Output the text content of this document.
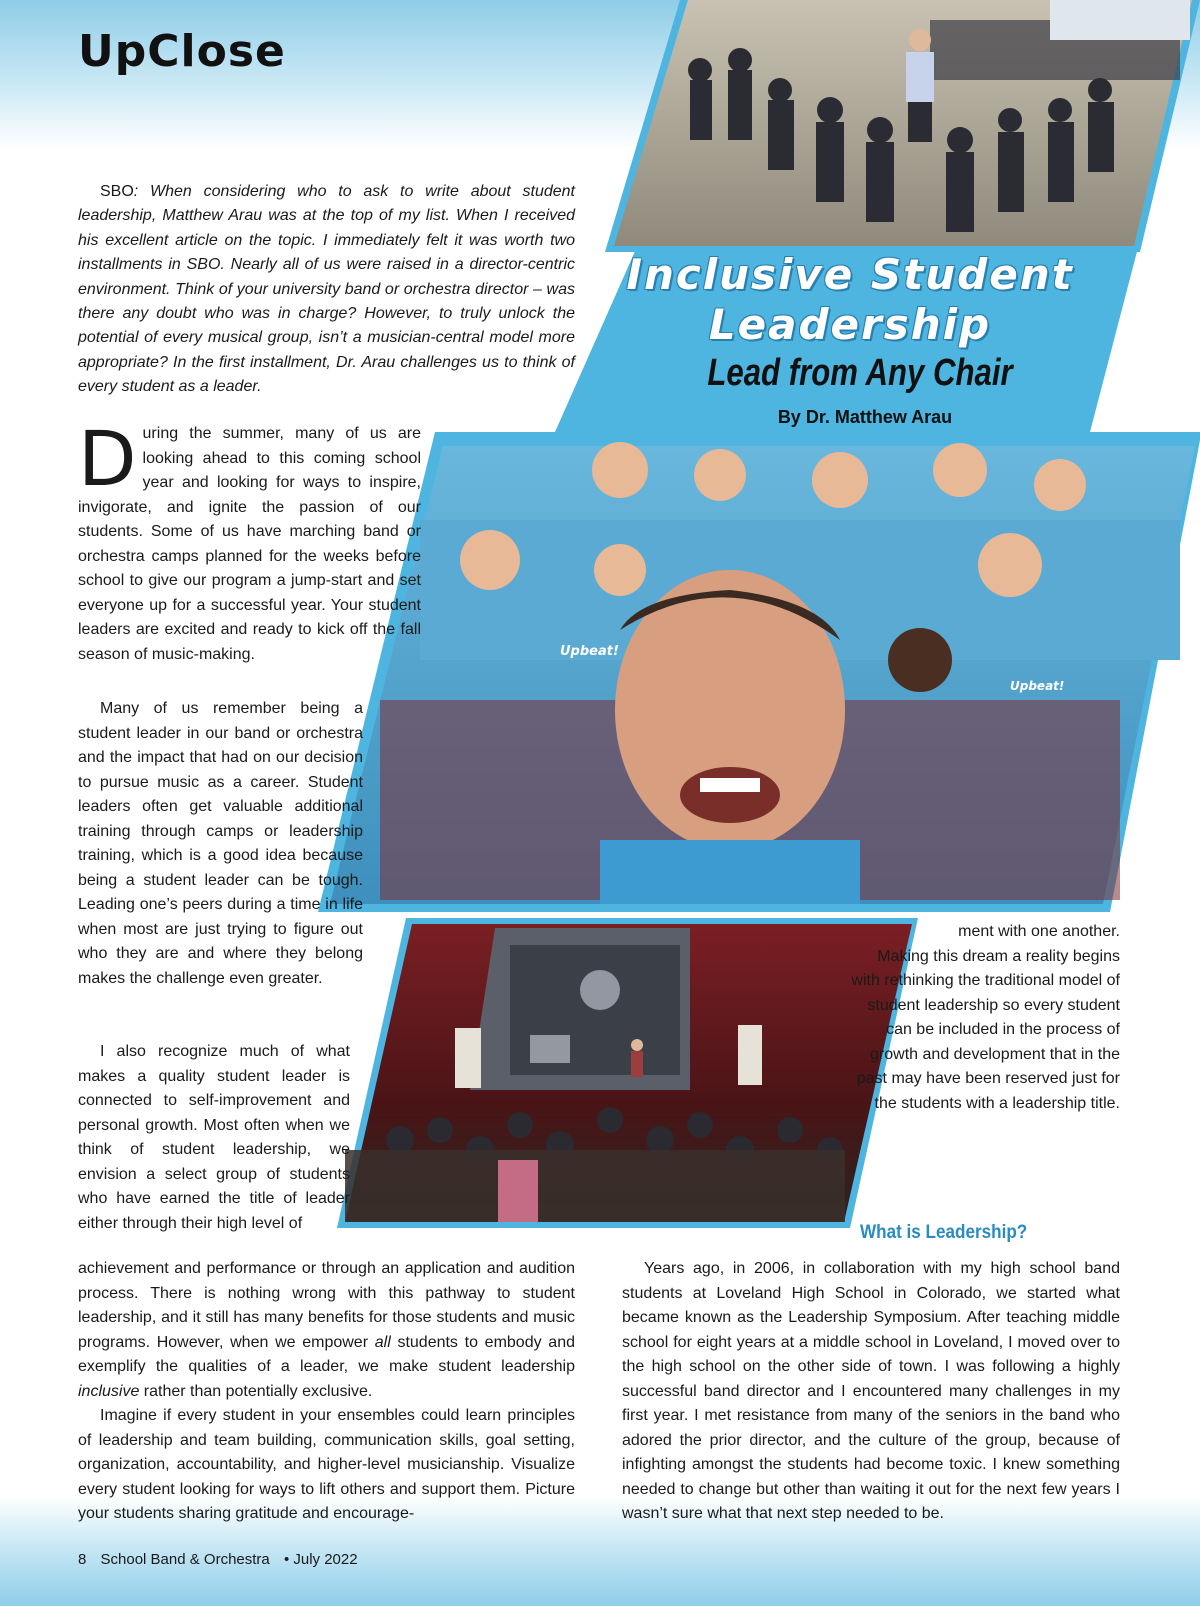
UpClose
Upbeat!
Upbeat!
Inclusive Student
Leadership

Lead from Any Chair

By Dr. Matthew Arau

SBO: When considering who to ask to write about student leadership, Matthew Arau was at the top of my list. When I received his excellent article on the topic. I immediately felt it was worth two installments in SBO. Nearly all of us were raised in a director-centric environment. Think of your university band or orchestra director – was there any doubt who was in charge? However, to truly unlock the potential of every musical group, isn’t a musician-central model more appropriate? In the first installment, Dr. Arau challenges us to think of every student as a leader.

During the summer, many of us are looking ahead to this coming school year and looking for ways to inspire, invigorate, and ignite the passion of our students. Some of us have marching band or orchestra camps planned for the weeks before school to give our program a jump-start and set everyone up for a successful year. Your student leaders are excited and ready to kick off the fall season of music-making.

Many of us remember being a student leader in our band or orchestra and the impact that had on our decision to pursue music as a career. Student leaders often get valuable additional training through camps or leadership training, which is a good idea because being a student leader can be tough. Leading one’s peers during a time in life when most are just trying to figure out who they are and where they belong makes the challenge even greater.

I also recognize much of what makes a quality student leader is connected to self-improvement and personal growth. Most often when we think of student leadership, we envision a select group of students who have earned the title of leader either through their high level of

achievement and performance or through an application and audition process. There is nothing wrong with this pathway to student leadership, and it still has many benefits for those students and music programs. However, when we empower all students to embody and exemplify the qualities of a leader, we make student leadership inclusive rather than potentially exclusive.

Imagine if every student in your ensembles could learn principles of leadership and team building, communication skills, goal setting, organization, accountability, and higher-level musicianship. Visualize every student looking for ways to lift others and support them. Picture your students sharing gratitude and encourage-

ment with one another.

Making this dream a reality begins with rethinking the traditional model of student leadership so every student can be included in the process of growth and development that in the past may have been reserved just for the students with a leadership title.

What is Leadership?

Years ago, in 2006, in collaboration with my high school band students at Loveland High School in Colorado, we started what became known as the Leadership Symposium. After teaching middle school for eight years at a middle school in Loveland, I moved over to the high school on the other side of town. I was following a highly successful band director and I encountered many challenges in my first year. I met resistance from many of the seniors in the band who adored the prior director, and the culture of the group, because of infighting amongst the students had become toxic. I knew something needed to change but other than waiting it out for the next few years I wasn’t sure what that next step needed to be.

8 School Band & Orchestra • July 2022
